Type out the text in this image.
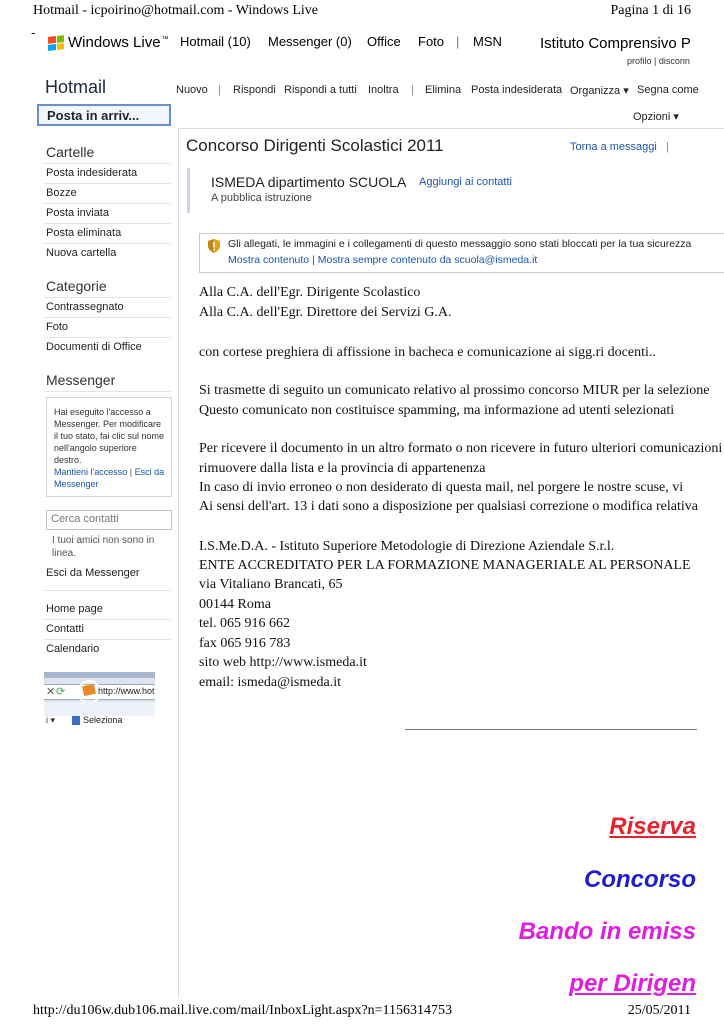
Hotmail - icpoirino@hotmail.com - Windows Live	Pagina 1 di 16
-
Windows Live ™ Hotmail (10) Messenger (0) Office Foto | MSN	Istituto Comprensivo P
profilo | disconn
Hotmail	Nuovo | Rispondi Rispondi a tutti Inoltra | Elimina Posta indesiderata Organizza ▾ Segna come
Opzioni ▾
Posta in arriv...
Cartelle
Posta indesiderata
Bozze
Posta inviata
Posta eliminata
Nuova cartella
Categorie
Contrassegnato
Foto
Documenti di Office
Messenger
Hai eseguito l'accesso a Messenger. Per modificare il tuo stato, fai clic sul nome nell'angolo superiore destro.
Mantieni l'accesso | Esci da Messenger
Cerca contatti
I tuoi amici non sono in linea.
Esci da Messenger
Home page
Contatti
Calendario
✕ ⟳	http://www.hot
i ▾	Seleziona
Concorso Dirigenti Scolastici 2011	Torna a messaggi |
ISMEDA dipartimento SCUOLA Aggiungi ai contatti
A pubblica istruzione
Gli allegati, le immagini e i collegamenti di questo messaggio sono stati bloccati per la tua sicurezza
Mostra contenuto | Mostra sempre contenuto da scuola@ismeda.it
Alla C.A. dell'Egr. Dirigente Scolastico
Alla C.A. dell'Egr. Direttore dei Servizi G.A.
con cortese preghiera di affissione in bacheca e comunicazione ai sigg.ri docenti..
Si trasmette di seguito un comunicato relativo al prossimo concorso MIUR per la selezione
Questo comunicato non costituisce spamming, ma informazione ad utenti selezionati
Per ricevere il documento in un altro formato o non ricevere in futuro ulteriori comunicazioni
rimuovere dalla lista e la provincia di appartenenza
In caso di invio erroneo o non desiderato di questa mail, nel porgere le nostre scuse, vi
Ai sensi dell'art. 13 i dati sono a disposizione per qualsiasi correzione o modifica relativa
I.S.Me.D.A. - Istituto Superiore Metodologie di Direzione Aziendale S.r.l.
ENTE ACCREDITATO PER LA FORMAZIONE MANAGERIALE AL PERSONALE
via Vitaliano Brancati, 65
00144 Roma
tel. 065 916 662
fax 065 916 783
sito web http://www.ismeda.it
email: ismeda@ismeda.it
Riserva
Concorso
Bando in emiss
per Dirigen
http://du106w.dub106.mail.live.com/mail/InboxLight.aspx?n=1156314753	25/05/2011
